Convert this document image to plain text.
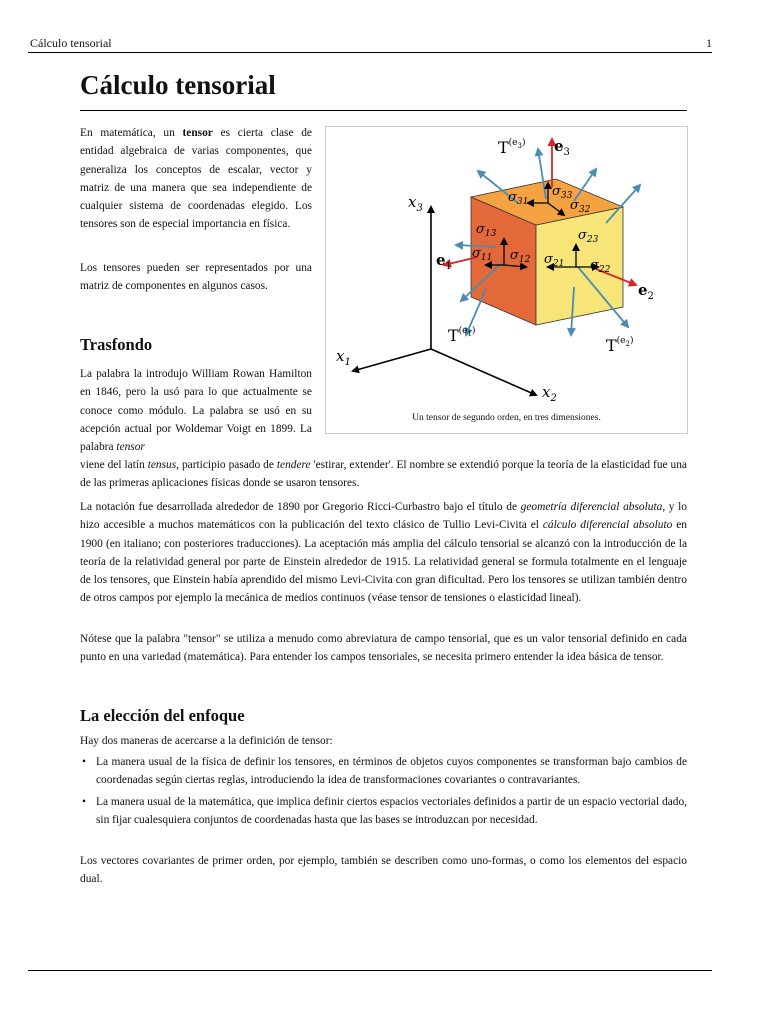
Cálculo tensorial	1
Cálculo tensorial

En matemática, un tensor es cierta clase de entidad algebraica de varias componentes, que generaliza los conceptos de escalar, vector y matriz de una manera que sea independiente de cualquier sistema de coordenadas elegido. Los tensores son de especial importancia en física.

Los tensores pueden ser representados por una matriz de componentes en algunos casos.

Trasfondo

La palabra la introdujo William Rowan Hamilton en 1846, pero la usó para lo que actualmente se conoce como módulo. La palabra se usó en su acepción actual por Woldemar Voigt en 1899. La palabra tensor

viene del latín tensus, participio pasado de tendere 'estirar, extender'. El nombre se extendió porque la teoría de la elasticidad fue una de las primeras aplicaciones físicas donde se usaron tensores.

La notación fue desarrollada alrededor de 1890 por Gregorio Ricci-Curbastro bajo el título de geometría diferencial absoluta, y lo hizo accesible a muchos matemáticos con la publicación del texto clásico de Tullio Levi-Civita el cálculo diferencial absoluto en 1900 (en italiano; con posteriores traducciones). La aceptación más amplia del cálculo tensorial se alcanzó con la introducción de la teoría de la relatividad general por parte de Einstein alrededor de 1915. La relatividad general se formula totalmente en el lenguaje de los tensores, que Einstein había aprendido del mismo Levi-Civita con gran dificultad. Pero los tensores se utilizan también dentro de otros campos por ejemplo la mecánica de medios continuos (véase tensor de tensiones o elasticidad lineal).

Nótese que la palabra "tensor" se utiliza a menudo como abreviatura de campo tensorial, que es un valor tensorial definido en cada punto en una variedad (matemática). Para entender los campos tensoriales, se necesita primero entender la idea básica de tensor.

La elección del enfoque

Hay dos maneras de acercarse a la definición de tensor:

• La manera usual de la física de definir los tensores, en términos de objetos cuyos componentes se transforman bajo cambios de coordenadas según ciertas reglas, introduciendo la idea de transformaciones covariantes o contravariantes.
• La manera usual de la matemática, que implica definir ciertos espacios vectoriales definidos a partir de un espacio vectorial dado, sin fijar cualesquiera conjuntos de coordenadas hasta que las bases se introduzcan por necesidad.

Los vectores covariantes de primer orden, por ejemplo, también se describen como uno-formas, o como los elementos del espacio dual.

$x_3$
$x_1$
$x_2$
$e_3$
$e_1$
$e_2$
$T^{(e}3$)
$T^{(e}1$)
$T^{(e}2$)
$\sigma_{31}$
$\sigma_{33}$
$\sigma_{32}$
$\sigma_{13}$	$\sigma_{23}$
$\sigma_{11}$ $\sigma_{12}$ $\sigma_{21}$ $\sigma_{22}$

Un tensor de segundo orden, en tres dimensiones.
